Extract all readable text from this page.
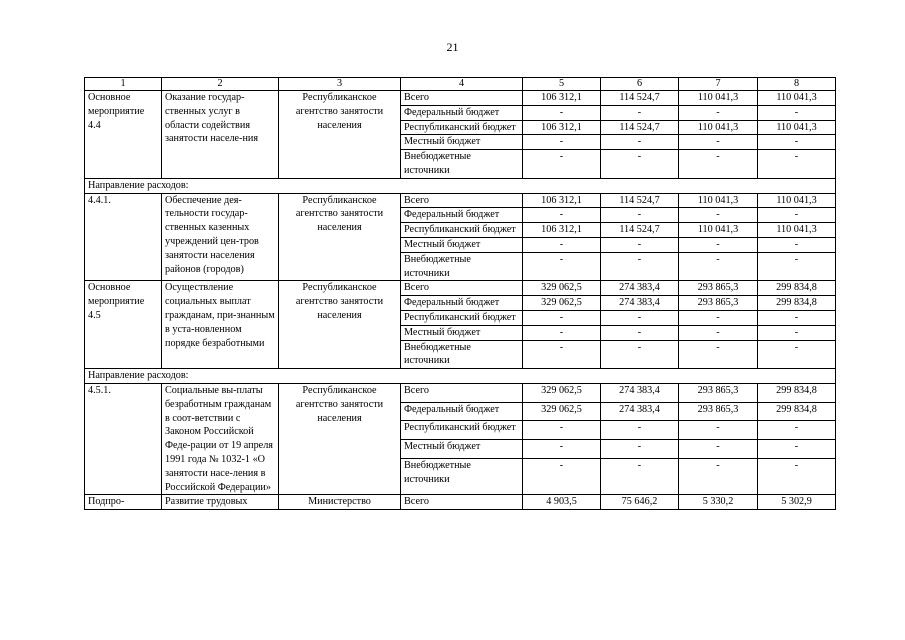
21
1	2	3	4	5	6	7	8
Основное мероприятие 4.4	Оказание государ-ственных услуг в области содействия занятости населе-ния	Республиканское агентство занятости населения	Всего	106 312,1	114 524,7	110 041,3	110 041,3
			Федеральный бюджет	-	-	-	-
			Республиканский бюджет	106 312,1	114 524,7	110 041,3	110 041,3
			Местный бюджет	-	-	-	-
			Внебюджетные источники	-	-	-	-
Направление расходов:							
4.4.1.	Обеспечение дея-тельности государ-ственных казенных учреждений цен-тров занятости населения районов (городов)	Республиканское агентство занятости населения	Всего	106 312,1	114 524,7	110 041,3	110 041,3
			Федеральный бюджет	-	-	-	-
			Республиканский бюджет	106 312,1	114 524,7	110 041,3	110 041,3
			Местный бюджет	-	-	-	-
			Внебюджетные источники	-	-	-	-
Основное мероприятие 4.5	Осуществление социальных выплат гражданам, при-знанным в уста-новленном порядке безработными	Республиканское агентство занятости населения	Всего	329 062,5	274 383,4	293 865,3	299 834,8
			Федеральный бюджет	329 062,5	274 383,4	293 865,3	299 834,8
			Республиканский бюджет	-	-	-	-
			Местный бюджет	-	-	-	-
			Внебюджетные источники	-	-	-	-
Направление расходов:							
4.5.1.	Социальные вы-платы безработным гражданам в соот-ветствии с Законом Российской Феде-рации от 19 апреля 1991 года № 1032-1 «О занятости насе-ления в Российской Федерации»	Республиканское агентство занятости населения	Всего	329 062,5	274 383,4	293 865,3	299 834,8
			Федеральный бюджет	329 062,5	274 383,4	293 865,3	299 834,8
			Республиканский бюджет	-	-	-	-
			Местный бюджет	-	-	-	-
			Внебюджетные источники	-	-	-	-
Подпро-	Развитие трудовых	Министерство	Всего	4 903,5	75 646,2	5 330,2	5 302,9
